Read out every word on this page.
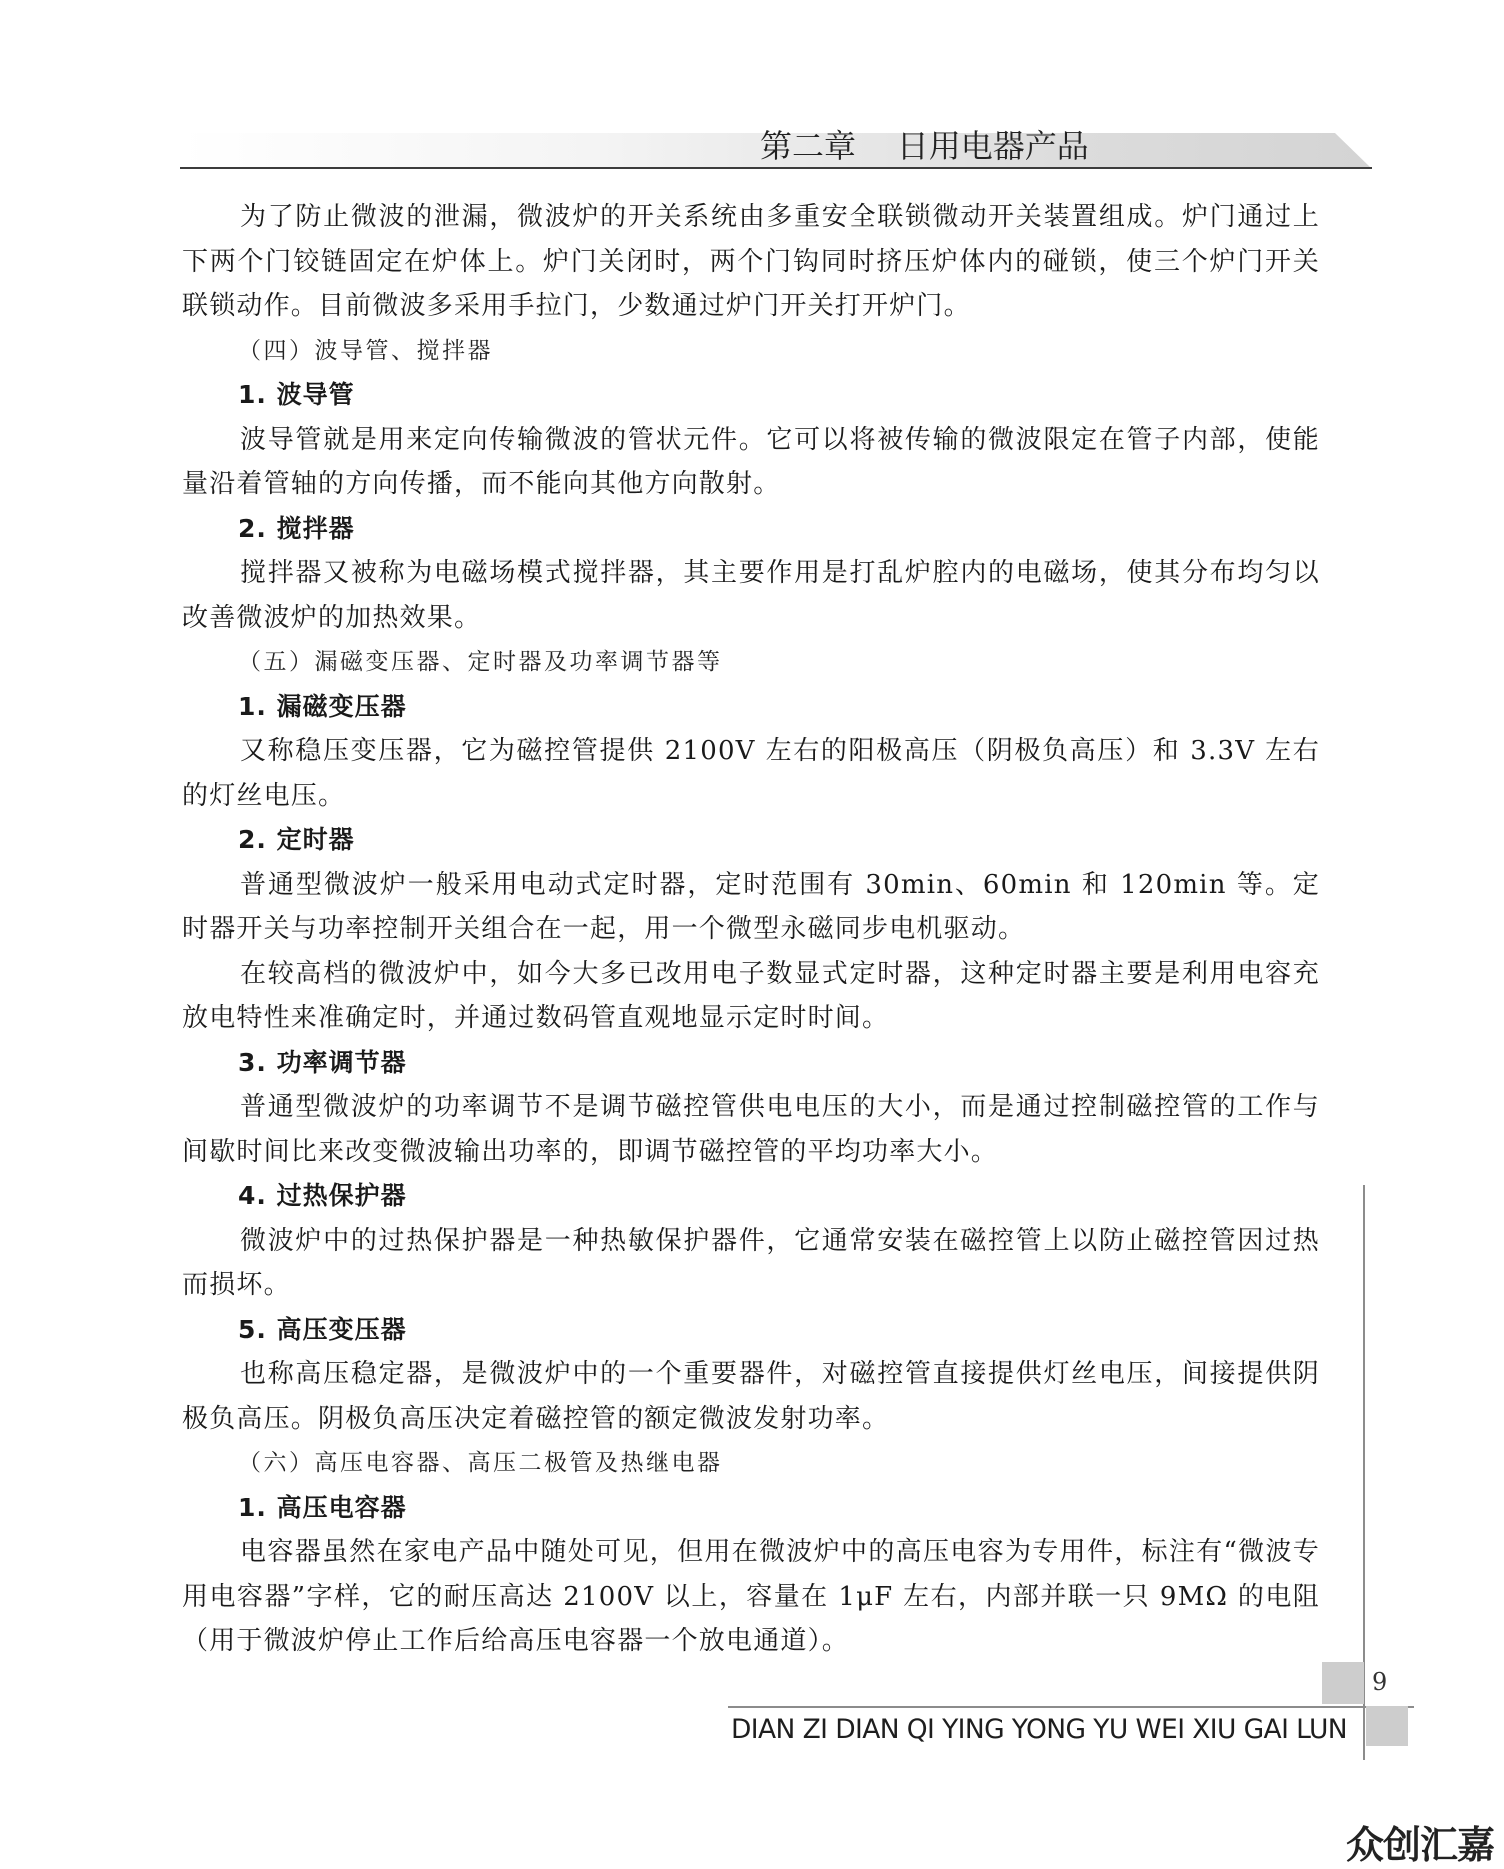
第二章    日用电器产品

为了防止微波的泄漏，微波炉的开关系统由多重安全联锁微动开关装置组成。炉门通过上下两个门铰链固定在炉体上。炉门关闭时，两个门钩同时挤压炉体内的碰锁，使三个炉门开关联锁动作。目前微波多采用手拉门，少数通过炉门开关打开炉门。

（四）波导管、搅拌器

1. 波导管

波导管就是用来定向传输微波的管状元件。它可以将被传输的微波限定在管子内部，使能量沿着管轴的方向传播，而不能向其他方向散射。

2. 搅拌器

搅拌器又被称为电磁场模式搅拌器，其主要作用是打乱炉腔内的电磁场，使其分布均匀以改善微波炉的加热效果。

（五）漏磁变压器、定时器及功率调节器等

1. 漏磁变压器

又称稳压变压器，它为磁控管提供 2100V 左右的阳极高压（阴极负高压）和 3.3V 左右的灯丝电压。

2. 定时器

普通型微波炉一般采用电动式定时器，定时范围有 30min、60min 和 120min 等。定时器开关与功率控制开关组合在一起，用一个微型永磁同步电机驱动。

在较高档的微波炉中，如今大多已改用电子数显式定时器，这种定时器主要是利用电容充放电特性来准确定时，并通过数码管直观地显示定时时间。

3. 功率调节器

普通型微波炉的功率调节不是调节磁控管供电电压的大小，而是通过控制磁控管的工作与间歇时间比来改变微波输出功率的，即调节磁控管的平均功率大小。

4. 过热保护器

微波炉中的过热保护器是一种热敏保护器件，它通常安装在磁控管上以防止磁控管因过热而损坏。

5. 高压变压器

也称高压稳定器，是微波炉中的一个重要器件，对磁控管直接提供灯丝电压，间接提供阴极负高压。阴极负高压决定着磁控管的额定微波发射功率。

（六）高压电容器、高压二极管及热继电器

1. 高压电容器

电容器虽然在家电产品中随处可见，但用在微波炉中的高压电容为专用件，标注有“微波专用电容器”字样，它的耐压高达 2100V 以上，容量在 1μF 左右，内部并联一只 9MΩ 的电阻（用于微波炉停止工作后给高压电容器一个放电通道）。

9
DIAN ZI DIAN QI YING YONG YU WEI XIU GAI LUN
众创汇嘉
